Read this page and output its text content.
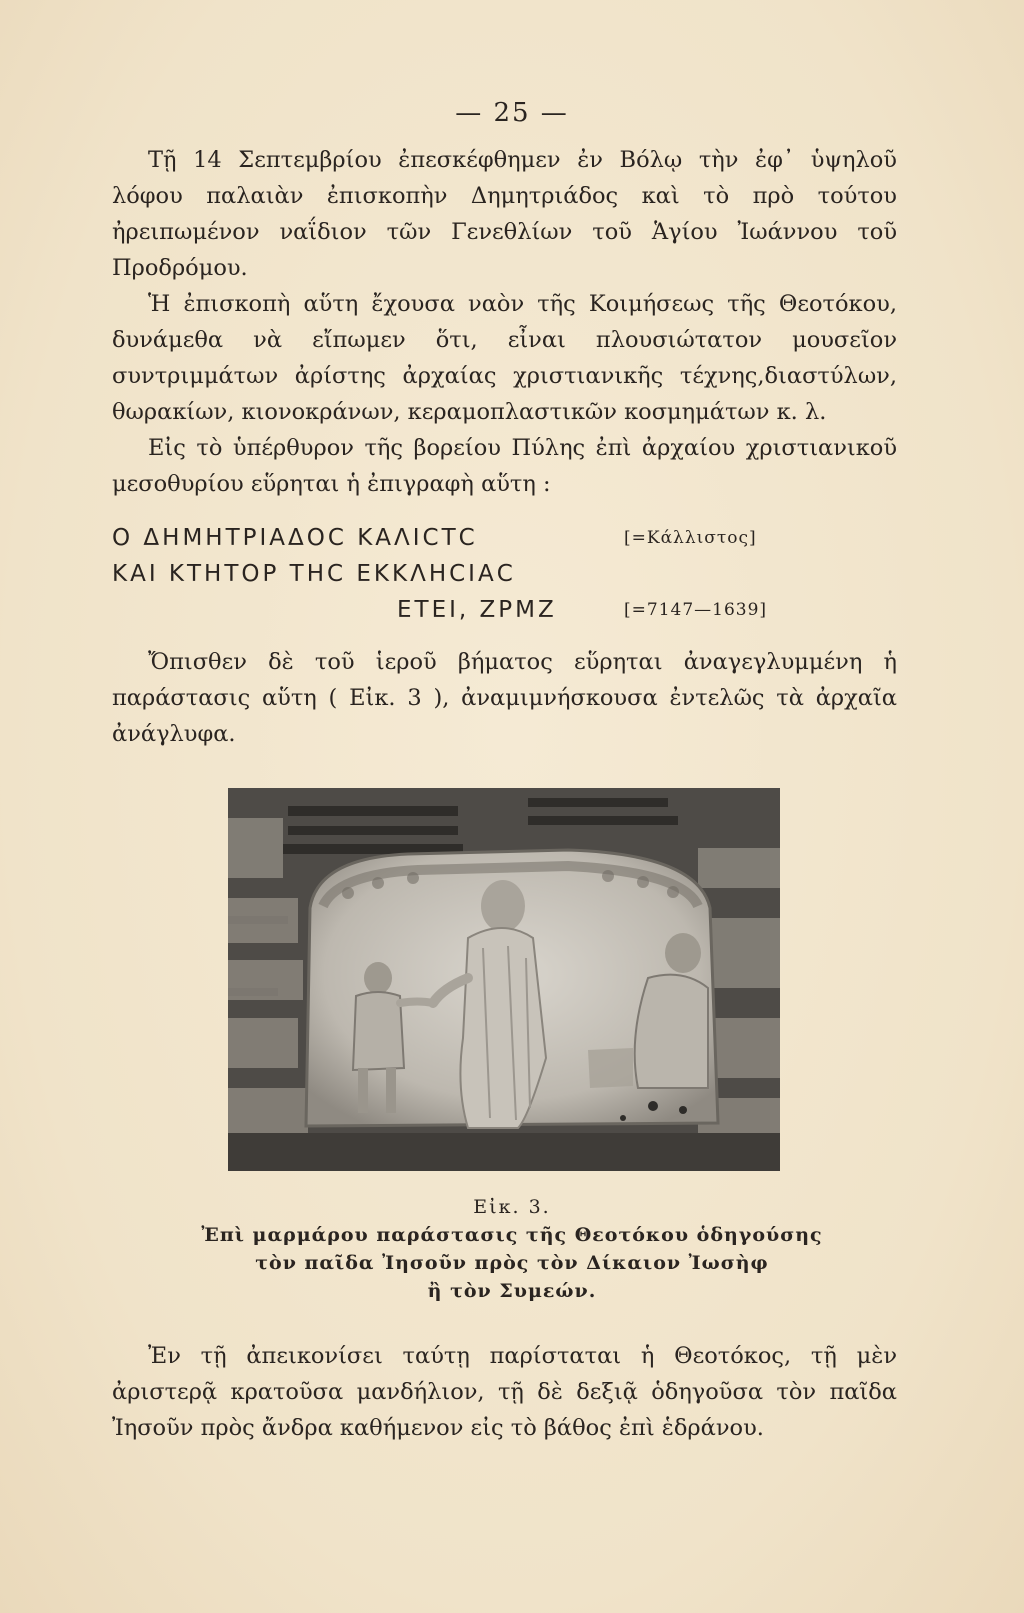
— 25 —

Τῇ 14 Σεπτεμβρίου ἐπεσκέφθημεν ἐν Βόλῳ τὴν ἐφ᾽ ὑψηλοῦ λόφου παλαιὰν ἐπισκοπὴν Δημητριάδος καὶ τὸ πρὸ τούτου ἠρειπωμένον ναΐδιον τῶν Γενεθλίων τοῦ Ἁγίου Ἰωάννου τοῦ Προδρόμου.

Ἡ ἐπισκοπὴ αὕτη ἔχουσα ναὸν τῆς Κοιμήσεως τῆς Θεοτόκου, δυνάμεθα νὰ εἴπωμεν ὅτι, εἶναι πλουσιώτατον μουσεῖον συντριμμάτων ἀρίστης ἀρχαίας χριστιανικῆς τέχνης,διαστύλων, θωρακίων, κιονοκράνων, κεραμοπλαστικῶν κοσμημάτων κ. λ.

Εἰς τὸ ὑπέρθυρον τῆς βορείου Πύλης ἐπὶ ἀρχαίου χριστιανικοῦ μεσοθυρίου εὕρηται ἡ ἐπιγραφὴ αὕτη :

Ο ΔΗΜΗΤΡΙΑΔΟC ΚΑΛΙCΤC	[=Κάλλιστος]
ΚΑΙ ΚΤΗΤΟΡ ΤΗC ΕΚΚΛΗCΙΑC
ΕΤΕΙ, ΖΡΜΖ	[=7147—1639]

Ὄπισθεν δὲ τοῦ ἱεροῦ βήματος εὕρηται ἀναγεγλυμμένη ἡ παράστασις αὕτη ( Εἰκ. 3 ), ἀναμιμνήσκουσα ἐντελῶς τὰ ἀρχαῖα ἀνάγλυφα.

Εἰκ. 3.
Ἐπὶ μαρμάρου παράστασις τῆς Θεοτόκου ὁδηγούσης
τὸν παῖδα Ἰησοῦν πρὸς τὸν Δίκαιον Ἰωσὴφ
ἢ τὸν Συμεών.

Ἐν τῇ ἀπεικονίσει ταύτῃ παρίσταται ἡ Θεοτόκος, τῇ μὲν ἀριστερᾷ κρατοῦσα μανδήλιον, τῇ δὲ δεξιᾷ ὁδηγοῦσα τὸν παῖδα Ἰησοῦν πρὸς ἄνδρα καθήμενον εἰς τὸ βάθος ἐπὶ ἑδράνου.
